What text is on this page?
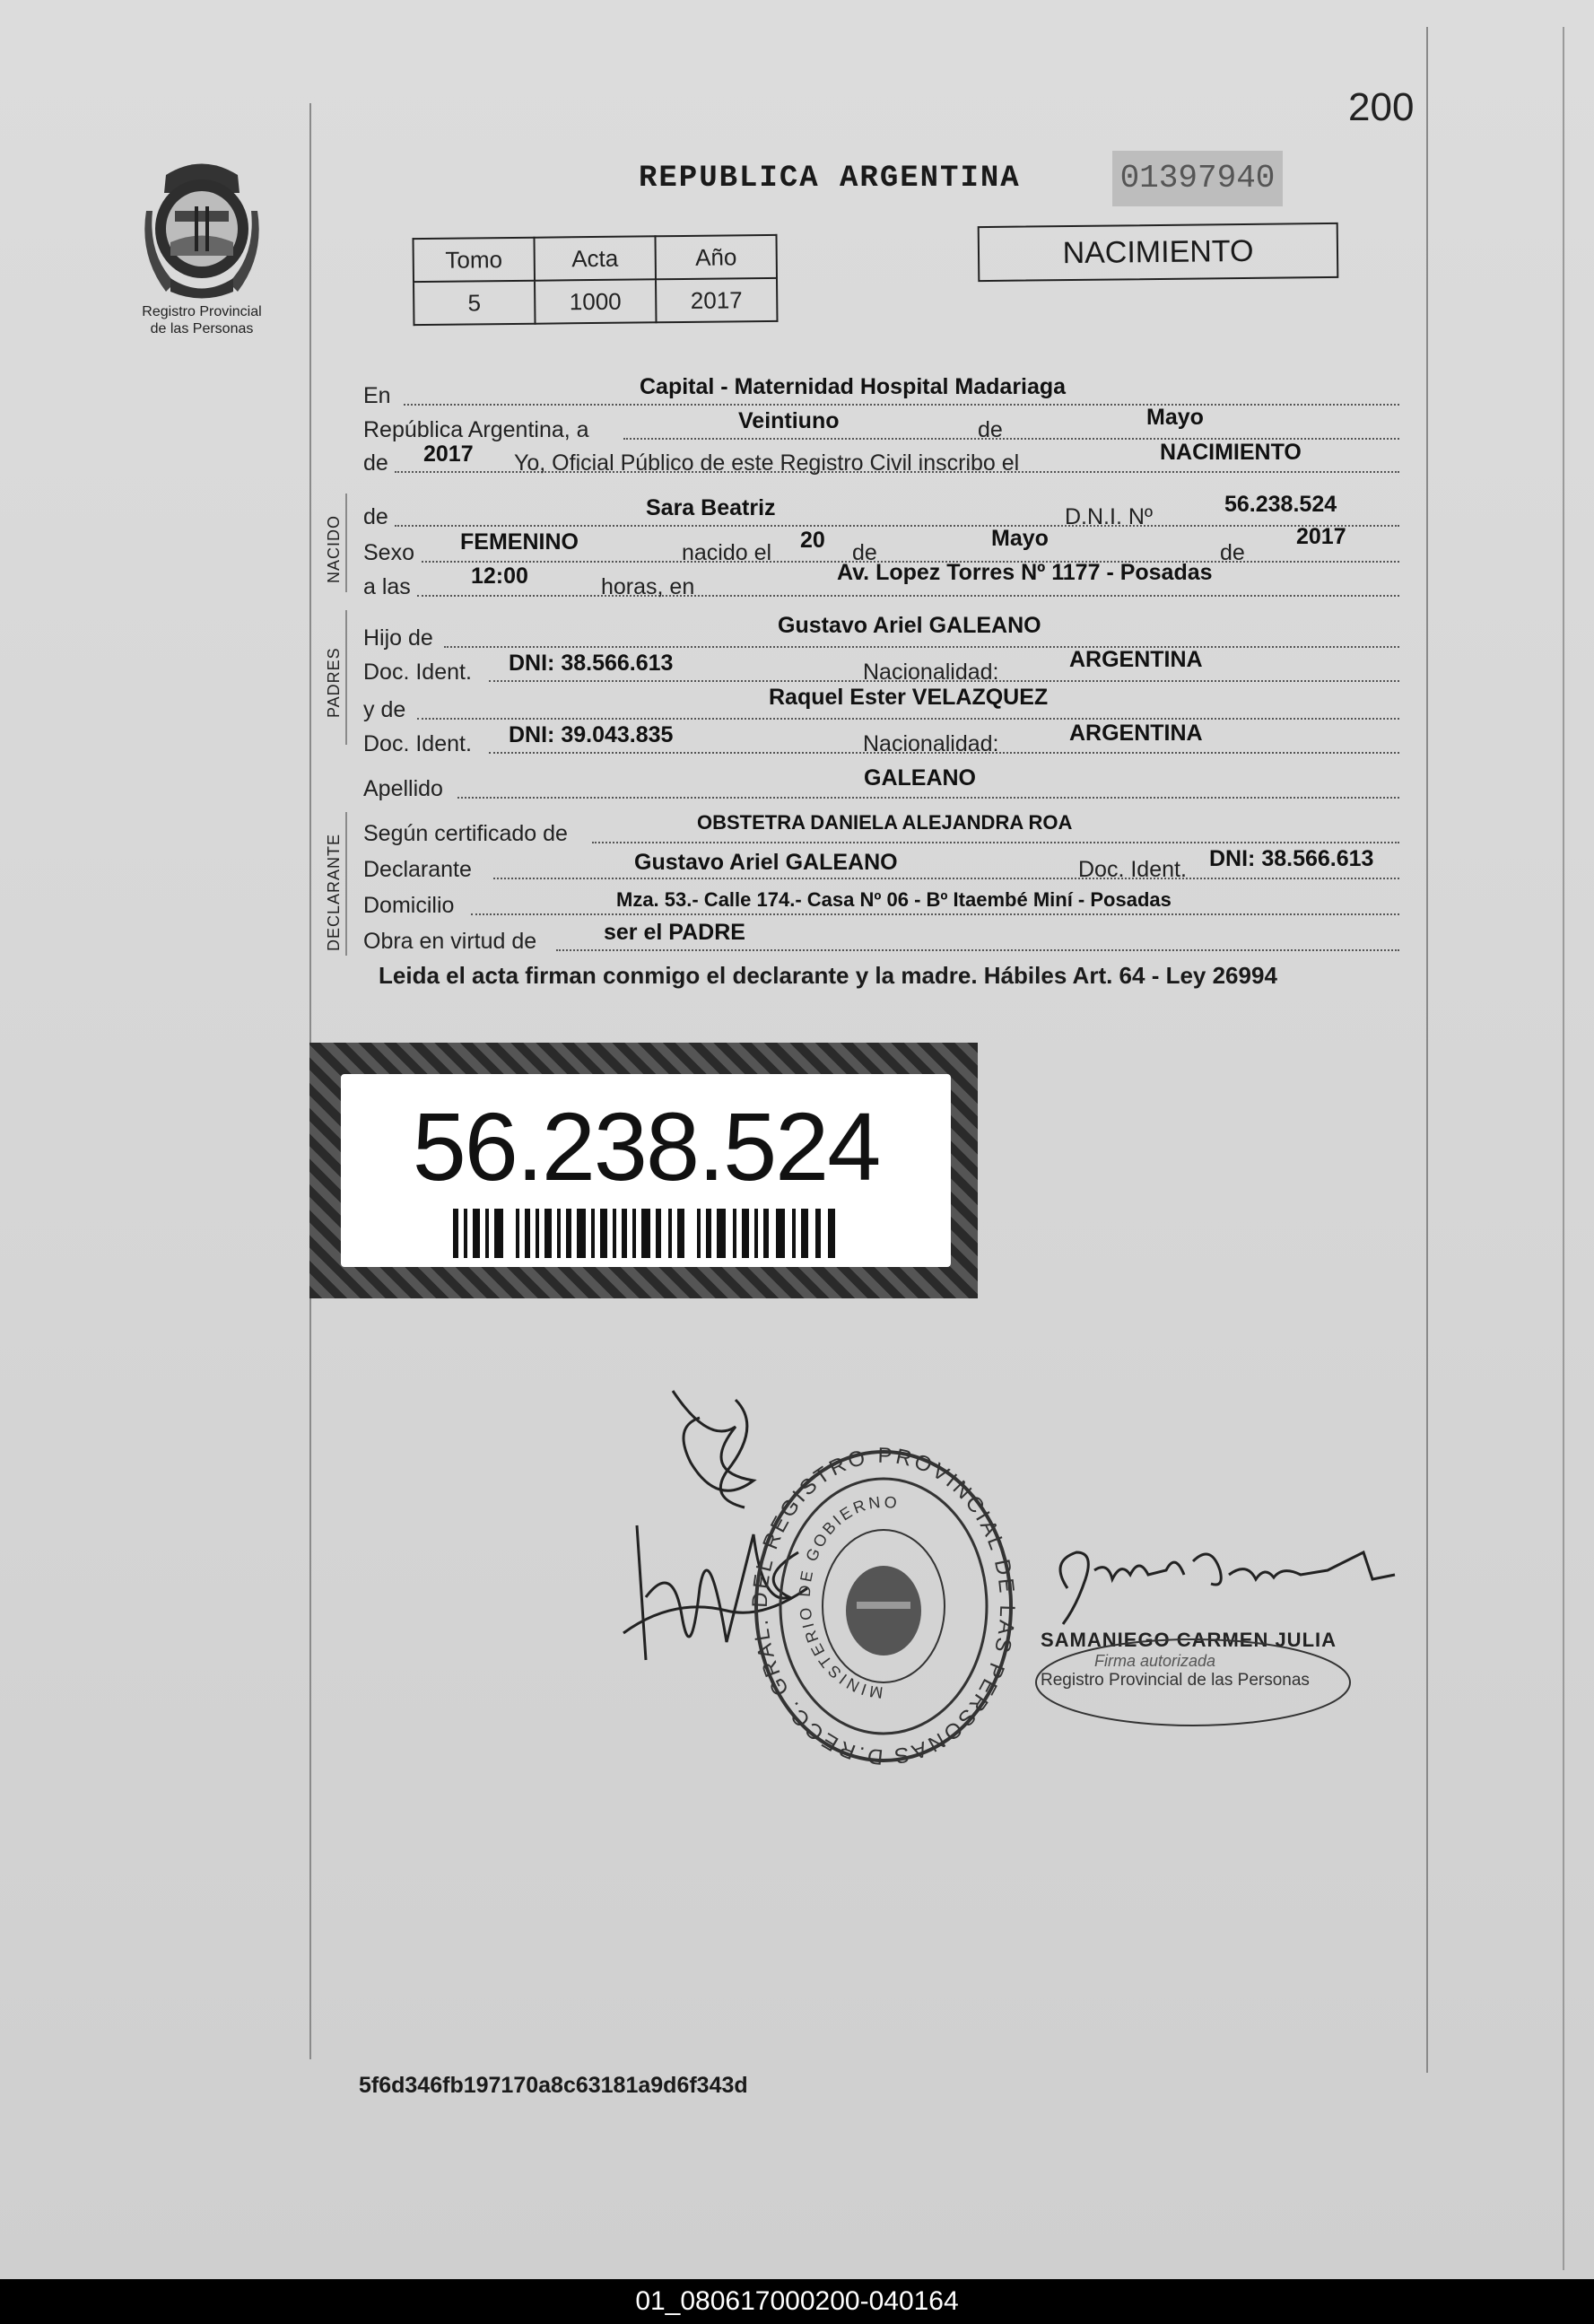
200
Registro Provincial
de las Personas
REPUBLICA ARGENTINA	01397940
Tomo	Acta	Año
5	1000	2017
NACIMIENTO
NACIDO
PADRES
DECLARANTE
En	Capital - Maternidad Hospital Madariaga
República Argentina, a	Veintiuno	de	Mayo
de 2017 Yo, Oficial Público de este Registro Civil inscribo el	NACIMIENTO
de	Sara Beatriz	D.N.I. Nº	56.238.524
Sexo FEMENINO	nacido el 20 de
Mayo
de
2017
a las	12:00	horas, en
Av. Lopez Torres Nº 1177 - Posadas
Hijo de	Gustavo Ariel GALEANO
Doc. Ident. DNI: 38.566.613	Nacionalidad:	ARGENTINA
y de	Raquel Ester VELAZQUEZ
Doc. Ident. DNI: 39.043.835	Nacionalidad:	ARGENTINA
Apellido	GALEANO
Según certificado de	OBSTETRA DANIELA ALEJANDRA ROA
Declarante	Gustavo Ariel GALEANO	Doc. Ident. DNI: 38.566.613
Domicilio	Mza. 53.- Calle 174.- Casa Nº 06 - Bº Itaembé Miní - Posadas
Obra en virtud de	ser el PADRE
Leida el acta firman conmigo el declarante y la madre. Hábiles Art. 64 - Ley 26994
56.238.524
D.RECC. GRAL. DEL REGISTRO PROVINCIAL DE LAS PERSONAS
MINISTERIO DE GOBIERNO
SAMANIEGO CARMEN JULIA
Firma autorizada
Registro Provincial de las Personas
5f6d346fb197170a8c63181a9d6f343d
01_080617000200-040164
